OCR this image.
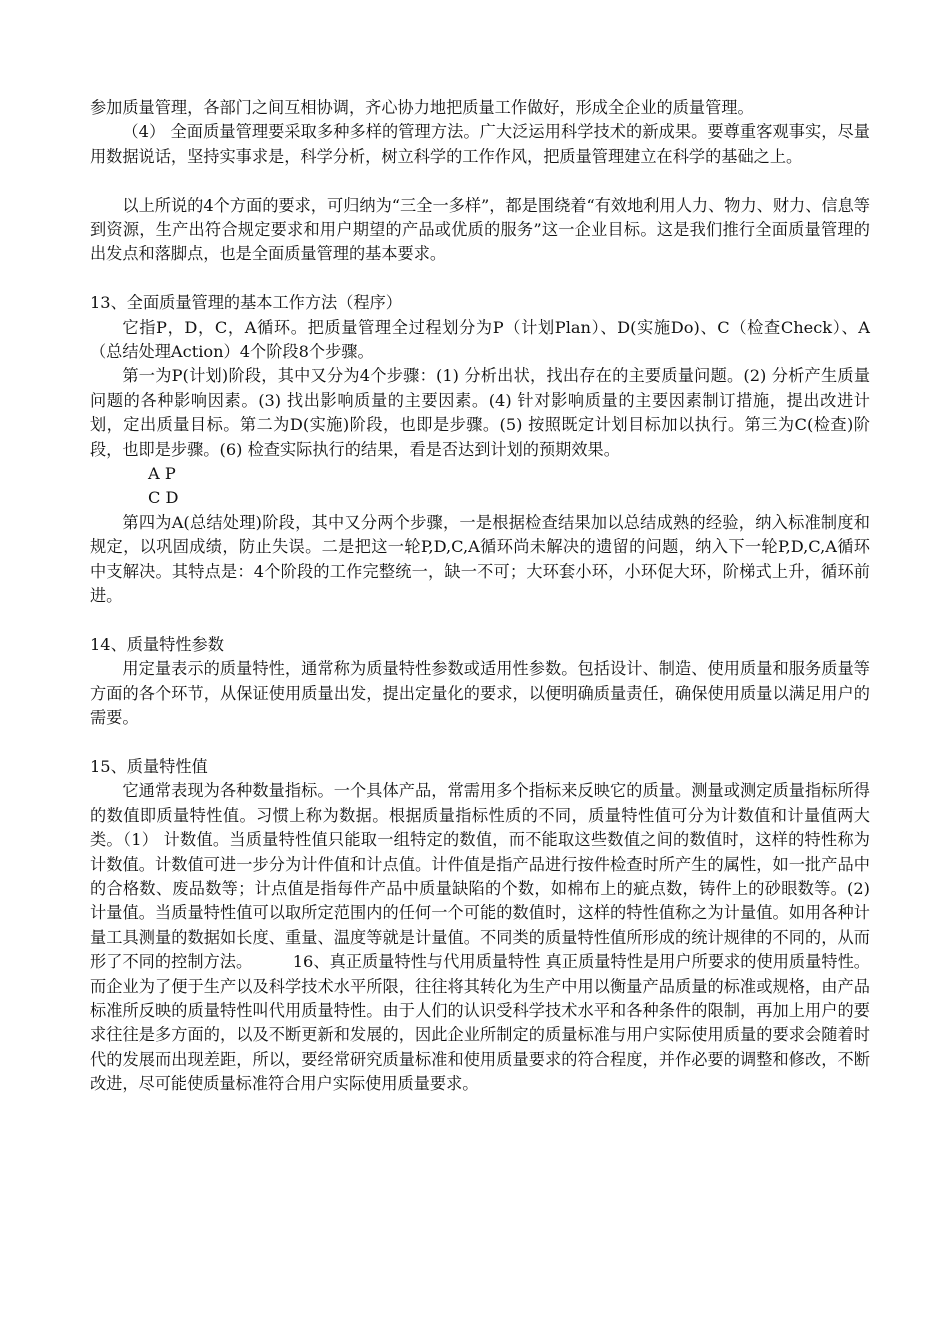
参加质量管理，各部门之间互相协调，齐心协力地把质量工作做好，形成全企业的质量管理。

（4） 全面质量管理要采取多种多样的管理方法。广大泛运用科学技术的新成果。要尊重客观事实，尽量用数据说话，坚持实事求是，科学分析，树立科学的工作作风，把质量管理建立在科学的基础之上。

以上所说的4个方面的要求，可归纳为“三全一多样”，都是围绕着“有效地利用人力、物力、财力、信息等到资源，生产出符合规定要求和用户期望的产品或优质的服务”这一企业目标。这是我们推行全面质量管理的出发点和落脚点，也是全面质量管理的基本要求。

13、全面质量管理的基本工作方法（程序）

它指P，D，C，A循环。把质量管理全过程划分为P（计划Plan）、D(实施Do)、C（检查Check）、A（总结处理Action）4个阶段8个步骤。

第一为P(计划)阶段，其中又分为4个步骤：(1) 分析出状，找出存在的主要质量问题。(2) 分析产生质量问题的各种影响因素。(3) 找出影响质量的主要因素。(4) 针对影响质量的主要因素制订措施，提出改进计划，定出质量目标。第二为D(实施)阶段，也即是步骤。(5) 按照既定计划目标加以执行。第三为C(检查)阶段，也即是步骤。(6) 检查实际执行的结果，看是否达到计划的预期效果。

A P

C D

第四为A(总结处理)阶段，其中又分两个步骤，一是根据检查结果加以总结成熟的经验，纳入标准制度和规定，以巩固成绩，防止失误。二是把这一轮P,D,C,A循环尚未解决的遗留的问题，纳入下一轮P,D,C,A循环中支解决。其特点是：4个阶段的工作完整统一，缺一不可；大环套小环，小环促大环，阶梯式上升，循环前进。

14、质量特性参数

用定量表示的质量特性，通常称为质量特性参数或适用性参数。包括设计、制造、使用质量和服务质量等方面的各个环节，从保证使用质量出发，提出定量化的要求，以便明确质量责任，确保使用质量以满足用户的需要。

15、质量特性值

它通常表现为各种数量指标。一个具体产品，常需用多个指标来反映它的质量。测量或测定质量指标所得的数值即质量特性值。习惯上称为数据。根据质量指标性质的不同，质量特性值可分为计数值和计量值两大类。（1） 计数值。当质量特性值只能取一组特定的数值，而不能取这些数值之间的数值时，这样的特性称为计数值。计数值可进一步分为计件值和计点值。计件值是指产品进行按件检查时所产生的属性，如一批产品中的合格数、废品数等；计点值是指每件产品中质量缺陷的个数，如棉布上的疵点数，铸件上的砂眼数等。(2) 计量值。当质量特性值可以取所定范围内的任何一个可能的数值时，这样的特性值称之为计量值。如用各种计量工具测量的数据如长度、重量、温度等就是计量值。不同类的质量特性值所形成的统计规律的不同的，从而形了不同的控制方法。　　　16、真正质量特性与代用质量特性 真正质量特性是用户所要求的使用质量特性。而企业为了便于生产以及科学技术水平所限，往往将其转化为生产中用以衡量产品质量的标准或规格，由产品标准所反映的质量特性叫代用质量特性。由于人们的认识受科学技术水平和各种条件的限制，再加上用户的要求往往是多方面的，以及不断更新和发展的，因此企业所制定的质量标准与用户实际使用质量的要求会随着时代的发展而出现差距，所以，要经常研究质量标准和使用质量要求的符合程度，并作必要的调整和修改，不断改进，尽可能使质量标准符合用户实际使用质量要求。
